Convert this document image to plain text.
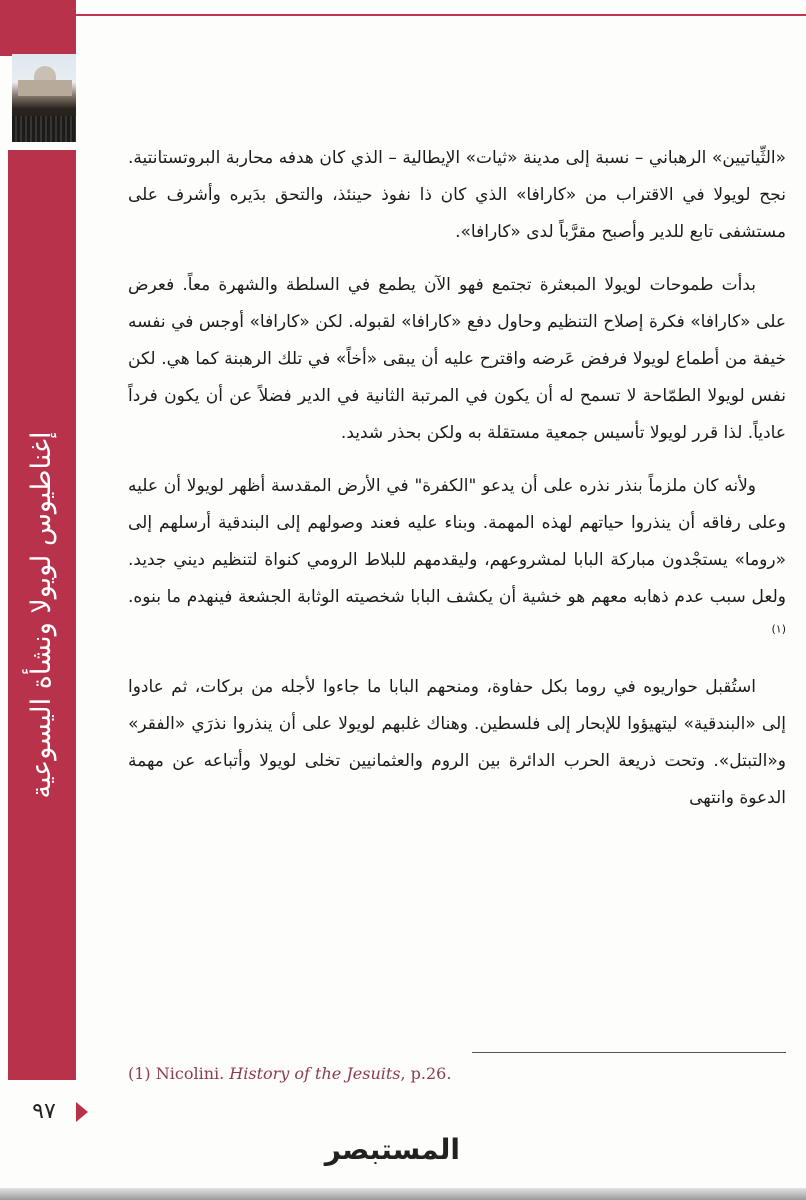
إغناطيوس لويولا ونشأة اليسوعية
٩٧

«الثِّياتيين» الرهباني – نسبة إلى مدينة «ثيات» الإيطالية – الذي كان هدفه محاربة البروتستانتية. نجح لويولا في الاقتراب من «كارافا» الذي كان ذا نفوذ حينئذ، والتحق بدَيره وأشرف على مستشفى تابع للدير وأصبح مقرَّباً لدى «كارافا».

بدأت طموحات لويولا المبعثرة تجتمع فهو الآن يطمع في السلطة والشهرة معاً. فعرض على «كارافا» فكرة إصلاح التنظيم وحاول دفع «كارافا» لقبوله. لكن «كارافا» أوجس في نفسه خيفة من أطماع لويولا فرفض عَرضه واقترح عليه أن يبقى «أخاً» في تلك الرهبنة كما هي. لكن نفس لويولا الطمّاحة لا تسمح له أن يكون في المرتبة الثانية في الدير فضلاً عن أن يكون فرداً عادياً. لذا قرر لويولا تأسيس جمعية مستقلة به ولكن بحذر شديد.

ولأنه كان ملزماً بنذر نذره على أن يدعو "الكفرة" في الأرض المقدسة أظهر لويولا أن عليه وعلى رفاقه أن ينذروا حياتهم لهذه المهمة. وبناء عليه فعند وصولهم إلى البندقية أرسلهم إلى «روما» يستجْدون مباركة البابا لمشروعهم، وليقدمهم للبلاط الرومي كنواة لتنظيم ديني جديد. ولعل سبب عدم ذهابه معهم هو خشية أن يكشف البابا شخصيته الوثابة الجشعة فينهدم ما بنوه. $^{(١)}$

استُقبل حواريوه في روما بكل حفاوة، ومنحهم البابا ما جاءوا لأجله من بركات، ثم عادوا إلى «البندقية» ليتهيؤوا للإبحار إلى فلسطين. وهناك غلبهم لويولا على أن ينذروا نذرَي «الفقر» و«التبتل». وتحت ذريعة الحرب الدائرة بين الروم والعثمانيين تخلى لويولا وأتباعه عن مهمة الدعوة وانتهى

(1) Nicolini. History of the Jesuits, p.26.
المستبصر
